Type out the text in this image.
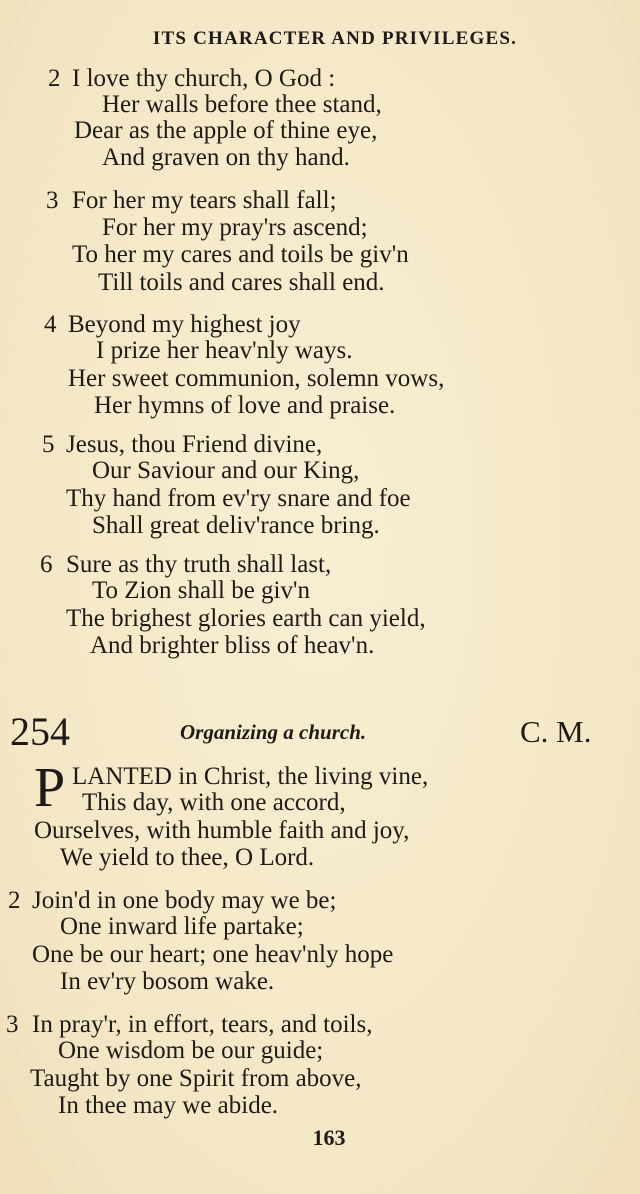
ITS CHARACTER AND PRIVILEGES.
2 I love thy church, O God :
Her walls before thee stand,
Dear as the apple of thine eye,
And graven on thy hand.
3 For her my tears shall fall;
For her my pray'rs ascend;
To her my cares and toils be giv'n
Till toils and cares shall end.
4 Beyond my highest joy
I prize her heav'nly ways.
Her sweet communion, solemn vows,
Her hymns of love and praise.
5 Jesus, thou Friend divine,
Our Saviour and our King,
Thy hand from ev'ry snare and foe
Shall great deliv'rance bring.
6 Sure as thy truth shall last,
To Zion shall be giv'n
The brighest glories earth can yield,
And brighter bliss of heav'n.
254	Organizing a church.	C. M.
P LANTED in Christ, the living vine,
This day, with one accord,
Ourselves, with humble faith and joy,
We yield to thee, O Lord.
2 Join'd in one body may we be;
One inward life partake;
One be our heart; one heav'nly hope
In ev'ry bosom wake.
3 In pray'r, in effort, tears, and toils,
One wisdom be our guide;
Taught by one Spirit from above,
In thee may we abide.
163
